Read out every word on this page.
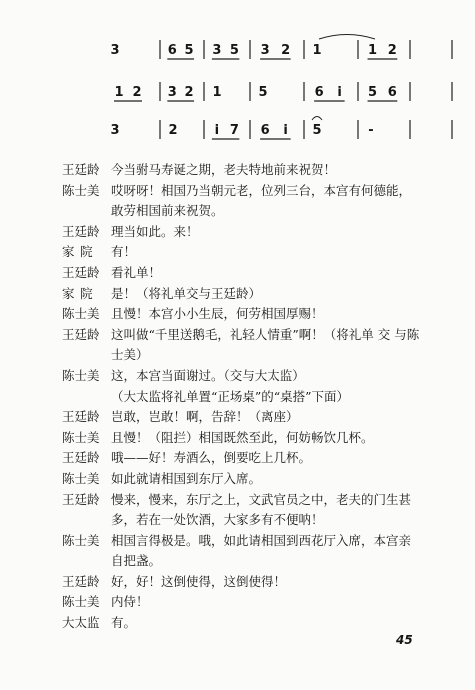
3	6 5 3 5 3 2 1	1 2
1 2 3 2 1	5	6 i 5 6
3	2	i 7 6 i 5	-
王廷龄 今当驸马寿诞之期，老夫特地前来祝贺！
陈士美 哎呀呀！相国乃当朝元老，位列三台，本宫有何德能，
敢劳相国前来祝贺。
王廷龄 理当如此。来！
家院	有！
王廷龄 看礼单！
家院	是！（将礼单交与王廷龄）
陈士美 且慢！本宫小小生辰，何劳相国厚赐！
王廷龄 这叫做“千里送鹅毛，礼轻人情重”啊！（将礼单 交 与陈
士美）
陈士美 这，本宫当面谢过。（交与大太监）
（大太监将礼单置“正场桌”的“桌搭”下面）
王廷龄 岂敢，岂敢！啊，告辞！（离座）
陈士美 且慢！（阻拦）相国既然至此，何妨畅饮几杯。
王廷龄 哦——好！寿酒么，倒要吃上几杯。
陈士美 如此就请相国到东厅入席。
王廷龄 慢来，慢来，东厅之上，文武官员之中，老夫的门生甚
多，若在一处饮酒，大家多有不便呐！
陈士美 相国言得极是。哦，如此请相国到西花厅入席，本宫亲
自把盏。
王廷龄 好，好！这倒使得，这倒使得！
陈士美 内侍！
大太监 有。
45
